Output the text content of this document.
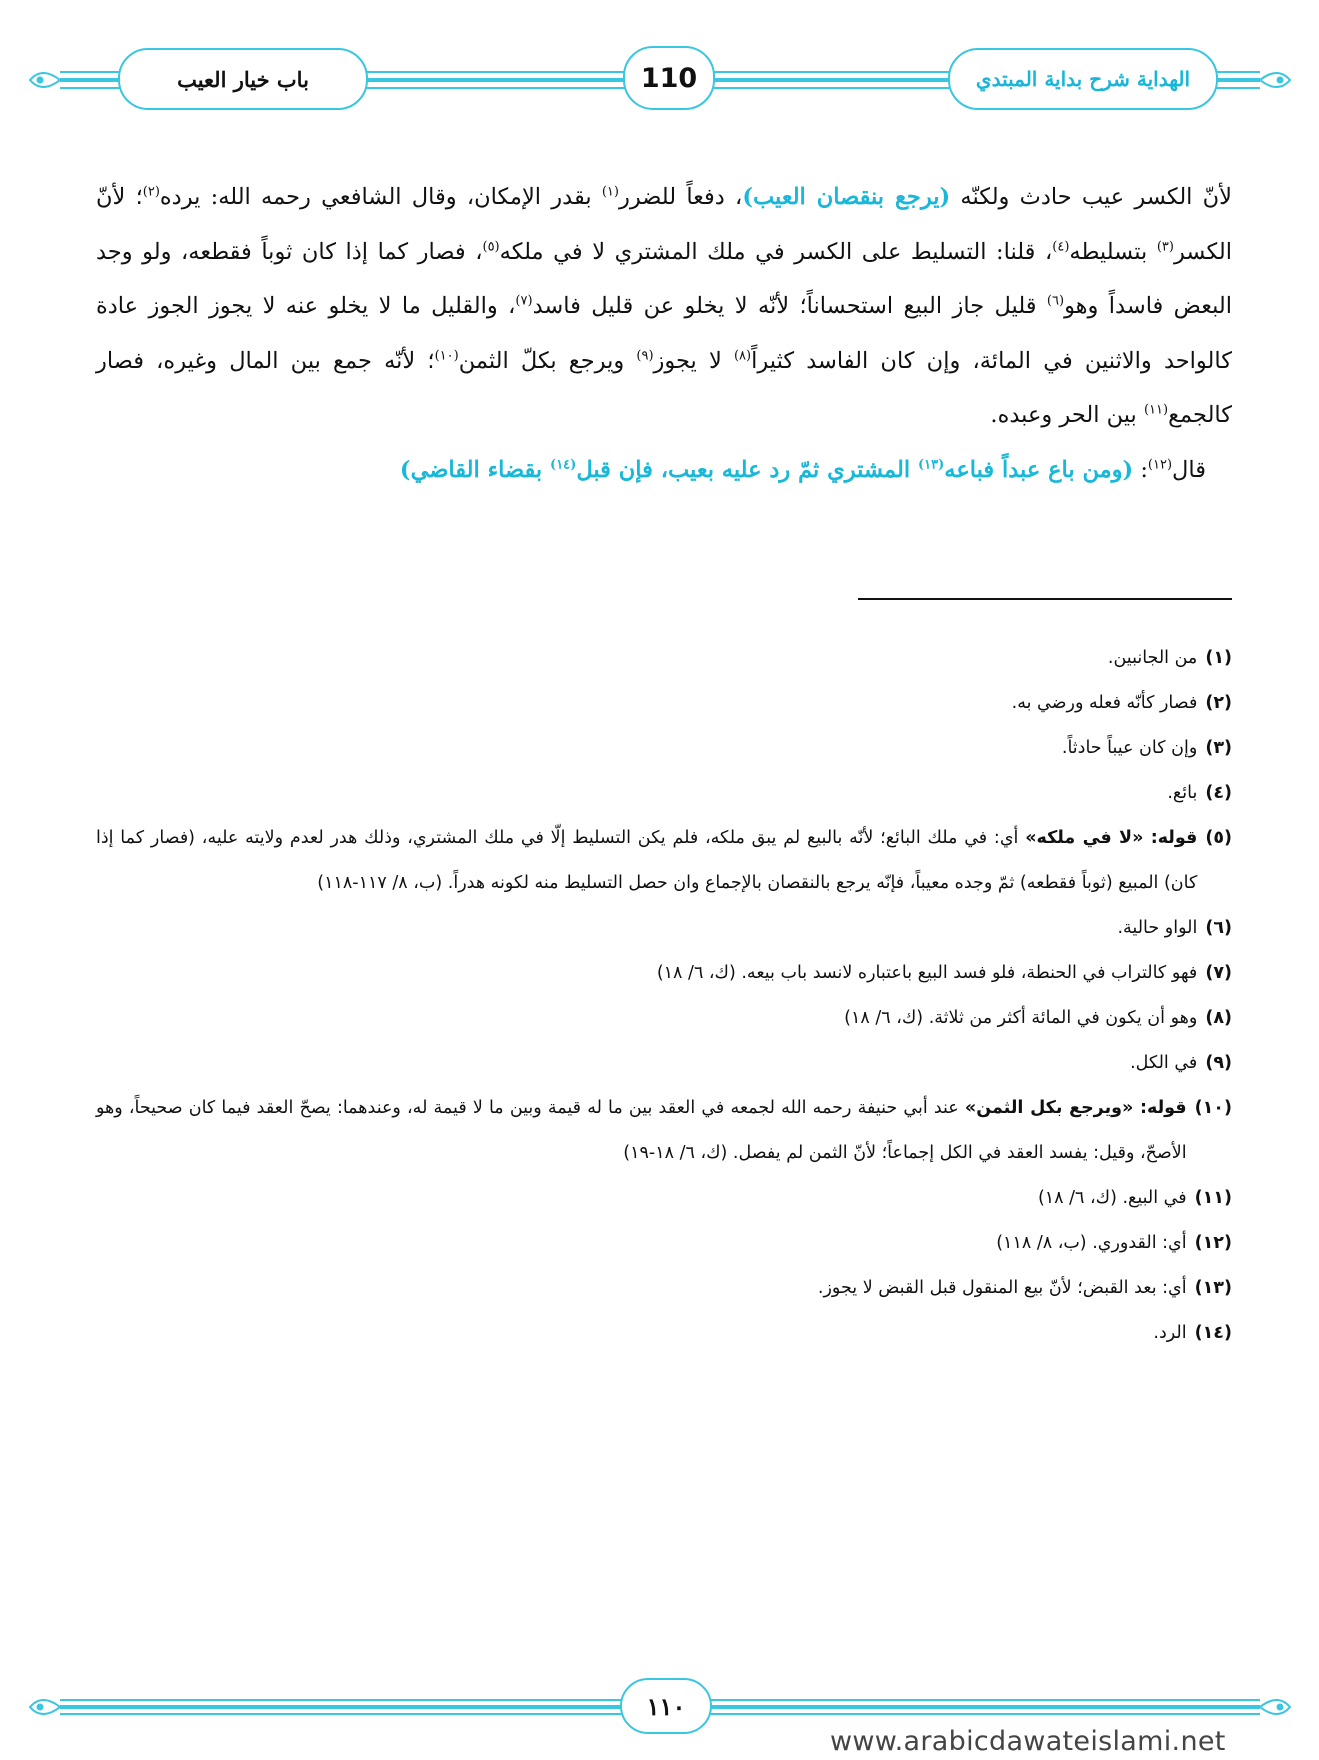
باب خيار العيب	110	الهداية شرح بداية المبتدي

لأنّ الكسر عيب حادث ولكنّه (يرجع بنقصان العيب)، دفعاً للضرر$^{(١)}$ بقدر الإمكان، وقال الشافعي رحمه الله: يرده$^{(٢)}$؛ لأنّ الكسر$^{(٣)}$ بتسليطه$^{(٤)}$، قلنا: التسليط على الكسر في ملك المشتري لا في ملكه$^{(٥)}$، فصار كما إذا كان ثوباً فقطعه، ولو وجد البعض فاسداً وهو$^{(٦)}$ قليل جاز البيع استحساناً؛ لأنّه لا يخلو عن قليل فاسد$^{(٧)}$، والقليل ما لا يخلو عنه لا يجوز الجوز عادة كالواحد والاثنين في المائة، وإن كان الفاسد كثيراً$^{(٨)}$ لا يجوز$^{(٩)}$ ويرجع بكلّ الثمن$^{(١٠)}$؛ لأنّه جمع بين المال وغيره، فصار كالجمع$^{(١١)}$ بين الحر وعبده.

قال$^{(١٢)}$: (ومن باع عبداً فباعه$^{(١٣)}$ المشتري ثمّ رد عليه بعيب، فإن قبل$^{(١٤)}$ بقضاء القاضي)

(١)
من الجانبين.
(٢)
فصار كأنّه فعله ورضي به.
(٣)
وإن كان عيباً حادثاً.
(٤)
بائع.
(٥)
قوله: «لا في ملكه» أي: في ملك البائع؛ لأنّه بالبيع لم يبق ملكه، فلم يكن التسليط إلّا في ملك المشتري، وذلك هدر لعدم ولايته عليه، (فصار كما إذا كان) المبيع (ثوباً فقطعه) ثمّ وجده معيباً، فإنّه يرجع بالنقصان بالإجماع وان حصل التسليط منه لكونه هدراً. (ب، ٨/ ١١٧-١١٨)
(٦)
الواو حالية.
(٧)
فهو كالتراب في الحنطة، فلو فسد البيع باعتباره لانسد باب بيعه. (ك، ٦/ ١٨)
(٨)
وهو أن يكون في المائة أكثر من ثلاثة. (ك، ٦/ ١٨)
(٩)
في الكل.
(١٠)
قوله: «ويرجع بكل الثمن» عند أبي حنيفة رحمه الله لجمعه في العقد بين ما له قيمة وبين ما لا قيمة له، وعندهما: يصحّ العقد فيما كان صحيحاً، وهو الأصحّ، وقيل: يفسد العقد في الكل إجماعاً؛ لأنّ الثمن لم يفصل. (ك، ٦/ ١٨-١٩)
(١١)
في البيع. (ك، ٦/ ١٨)
(١٢)
أي: القدوري. (ب، ٨/ ١١٨)
(١٣)
أي: بعد القبض؛ لأنّ بيع المنقول قبل القبض لا يجوز.
(١٤)
الرد.
١١٠
www.arabicdawateislami.net
